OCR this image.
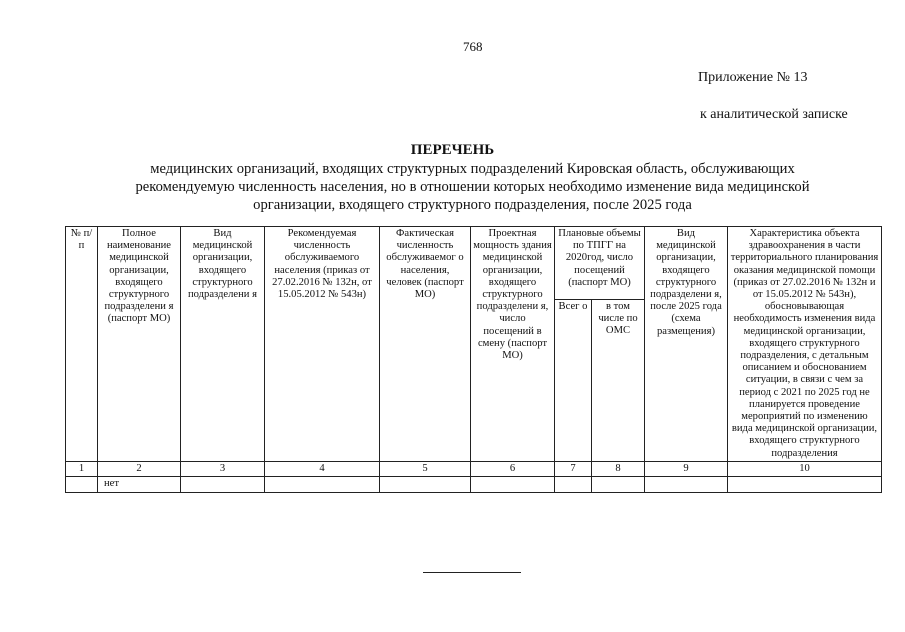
768
Приложение № 13
к аналитической записке
ПЕРЕЧЕНЬ
медицинских организаций, входящих структурных подразделений Кировская область, обслуживающих рекомендуемую численность населения, но в отношении которых необходимо изменение вида медицинской организации, входящего структурного подразделения, после 2025 года
№ п/п	Полное наименование медицинской организации, входящего структурного подразделени я (паспорт МО)	Вид медицинской организации, входящего структурного подразделени я	Рекомендуемая численность обслуживаемого населения (приказ от 27.02.2016 № 132н, от 15.05.2012 № 543н)	Фактическая численность обслуживаемог о населения, человек (паспорт МО)	Проектная мощность здания медицинской организации, входящего структурного подразделени я, число посещений в смену (паспорт МО)	Плановые объемы по ТПГГ на 2020год, число посещений (паспорт МО)		Вид медицинской организации, входящего структурного подразделени я, после 2025 года (схема размещения)	Характеристика объекта здравоохранения в части территориального планирования оказания медицинской помощи (приказ от 27.02.2016 № 132н и от 15.05.2012 № 543н), обосновывающая необходимость изменения вида медицинской организации, входящего структурного подразделения, с детальным описанием и обоснованием ситуации, в связи с чем за период с 2021 по 2025 год не планируется проведение мероприятий по изменению вида медицинской организации, входящего структурного подразделения
						Всег о	в том числе по ОМС		
1	2	3	4	5	6	7	8	9	10
	нет								
